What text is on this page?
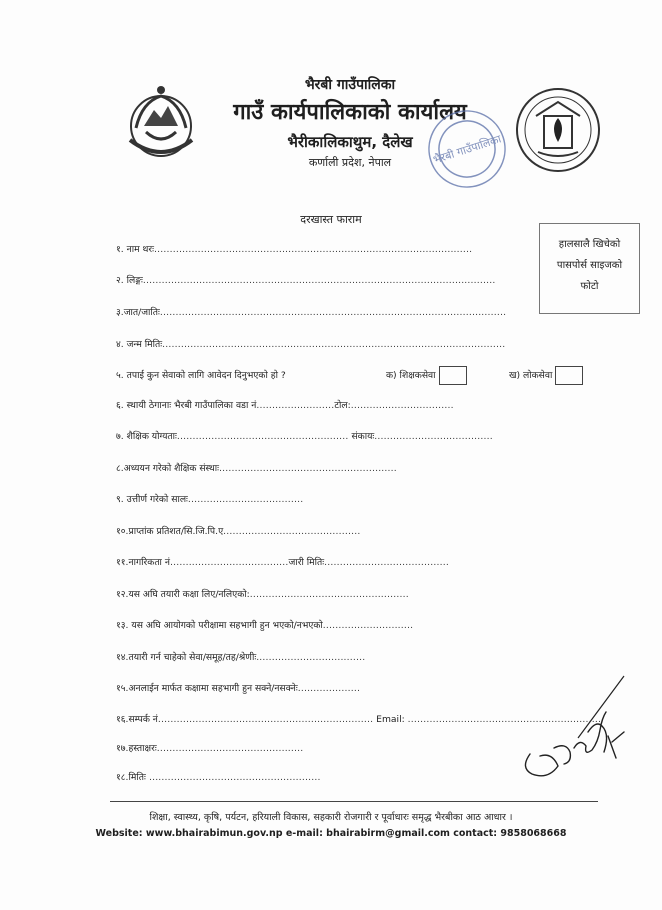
भैरबी गाउँपालिका
गाउँ कार्यपालिकाको कार्यालय
भैरीकालिकाथुम, दैलेख
कर्णाली प्रदेश, नेपाल	भैरबी गाउँपालिका
दरखास्त फाराम
हालसालै खिचेको
पासपोर्स साइजको
फोटो
१. नाम थरः......................................................................................................
२. लिङ्गः.................................................................................................................
३.जात/जातिः...............................................................................................................
४. जन्म मितिः..............................................................................................................
५. तपाई कुन सेवाको लागि आवेदन दिनुभएको हो ?	क) शिक्षकसेवा	ख) लोकसेवा
६. स्थायी ठेगानाः भैरबी गाउँपालिका वडा नं.........................टोल:.................................
७. शैक्षिक योग्यताः....................................................... संकायः......................................
८.अध्ययन गरेको शैक्षिक संस्थाः.........................................................
९. उत्तीर्ण गरेको सालः.....................................
१०.प्राप्तांक प्रतिशत/सि.जि.पि.ए............................................
११.नागरिकता नं......................................जारी मितिः........................................
१२.यस अघि तयारी कक्षा लिए/नलिएको:...................................................
१३. यस अघि आयोगको परीक्षामा सहभागी हुन भएको/नभएको.............................
१४.तयारी गर्न चाहेको सेवा/समूह/तह/श्रेणीः...................................
१५.अनलाईन मार्फत कक्षामा सहभागी हुन सक्ने/नसक्नेः....................
१६.सम्पर्क नं..................................................................... Email: ..............................................................
१७.हस्ताक्षरः...............................................
१८.मितिः .......................................................
शिक्षा, स्वास्थ्य, कृषि, पर्यटन, हरियाली विकास, सहकारी रोजगारी र पूर्वाधारः समृद्ध भैरबीका आठ आधार ।
Website: www.bhairabimun.gov.np e-mail: bhairabirm@gmail.com contact: 9858068668
